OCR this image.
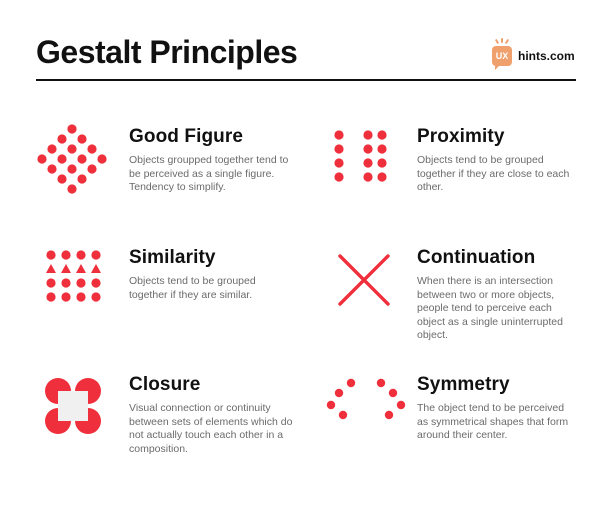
Gestalt Principles	UX hints.com
Good Figure

Objects groupped together tend to be perceived as a single figure. Tendency to simplify.

Proximity

Objects tend to be grouped together if they are close to each other.

Similarity

Objects tend to be grouped together if they are similar.

Continuation

When there is an intersection between two or more objects, people tend to perceive each object as a single uninterrupted object.

Closure

Visual connection or continuity between sets of elements which do not actually touch each other in a composition.

Symmetry

The object tend to be perceived as symmetrical shapes that form around their center.
